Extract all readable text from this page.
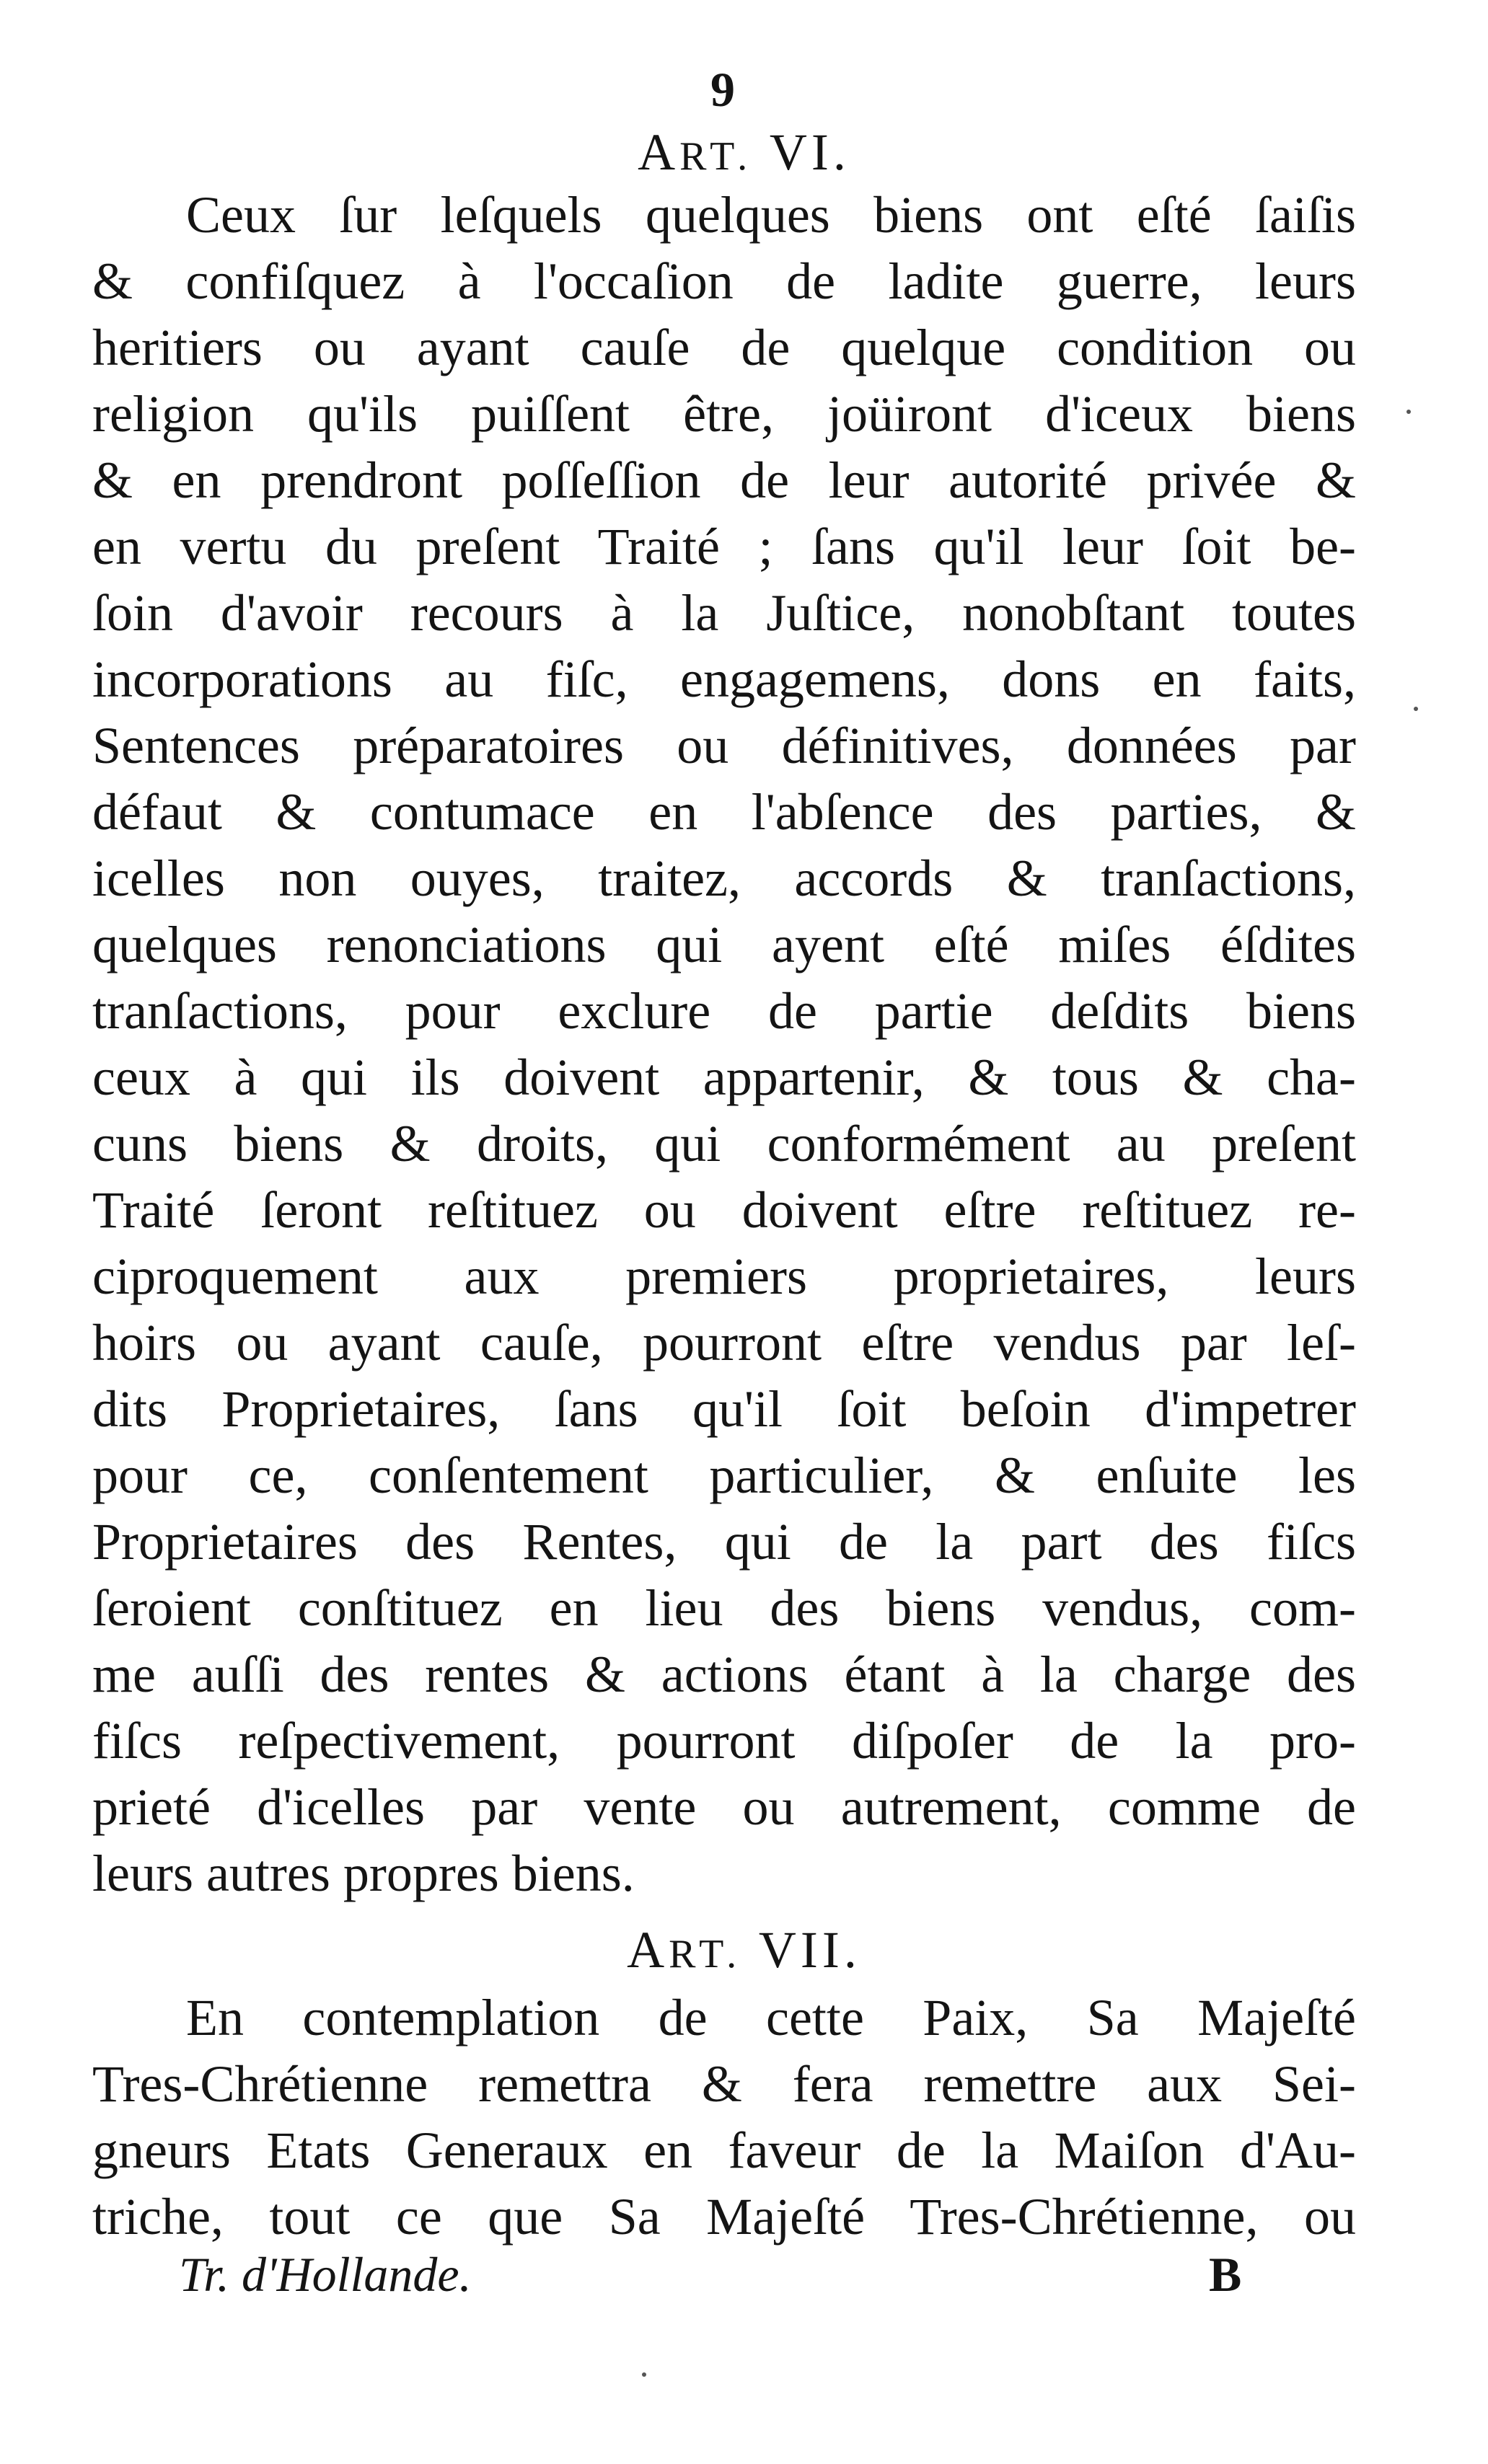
9
ART. VI.
Ceux ſur leſquels quelques biens ont eſté ſaiſis
& confiſquez à l'occaſion de ladite guerre, leurs
heritiers ou ayant cauſe de quelque condition ou
religion qu'ils puiſſent être, joüiront d'iceux biens
& en prendront poſſeſſion de leur autorité privée &
en vertu du preſent Traité ; ſans qu'il leur ſoit be-
ſoin d'avoir recours à la Juſtice, nonobſtant toutes
incorporations au fiſc, engagemens, dons en faits,
Sentences préparatoires ou définitives, données par
défaut & contumace en l'abſence des parties, &
icelles non ouyes, traitez, accords & tranſactions,
quelques renonciations qui ayent eſté miſes éſdites
tranſactions, pour exclure de partie deſdits biens
ceux à qui ils doivent appartenir, & tous & cha-
cuns biens & droits, qui conformément au preſent
Traité ſeront reſtituez ou doivent eſtre reſtituez re-
ciproquement aux premiers proprietaires, leurs
hoirs ou ayant cauſe, pourront eſtre vendus par leſ-
dits Proprietaires, ſans qu'il ſoit beſoin d'impetrer
pour ce, conſentement particulier, & enſuite les
Proprietaires des Rentes, qui de la part des fiſcs
ſeroient conſtituez en lieu des biens vendus, com-
me auſſi des rentes & actions étant à la charge des
fiſcs reſpectivement, pourront diſpoſer de la pro-
prieté d'icelles par vente ou autrement, comme de
leurs autres propres biens.
ART. VII.
En contemplation de cette Paix, Sa Majeſté
Tres-Chrétienne remettra & fera remettre aux Sei-
gneurs Etats Generaux en faveur de la Maiſon d'Au-
triche, tout ce que Sa Majeſté Tres-Chrétienne, ou
Tr. d'Hollande.	B
